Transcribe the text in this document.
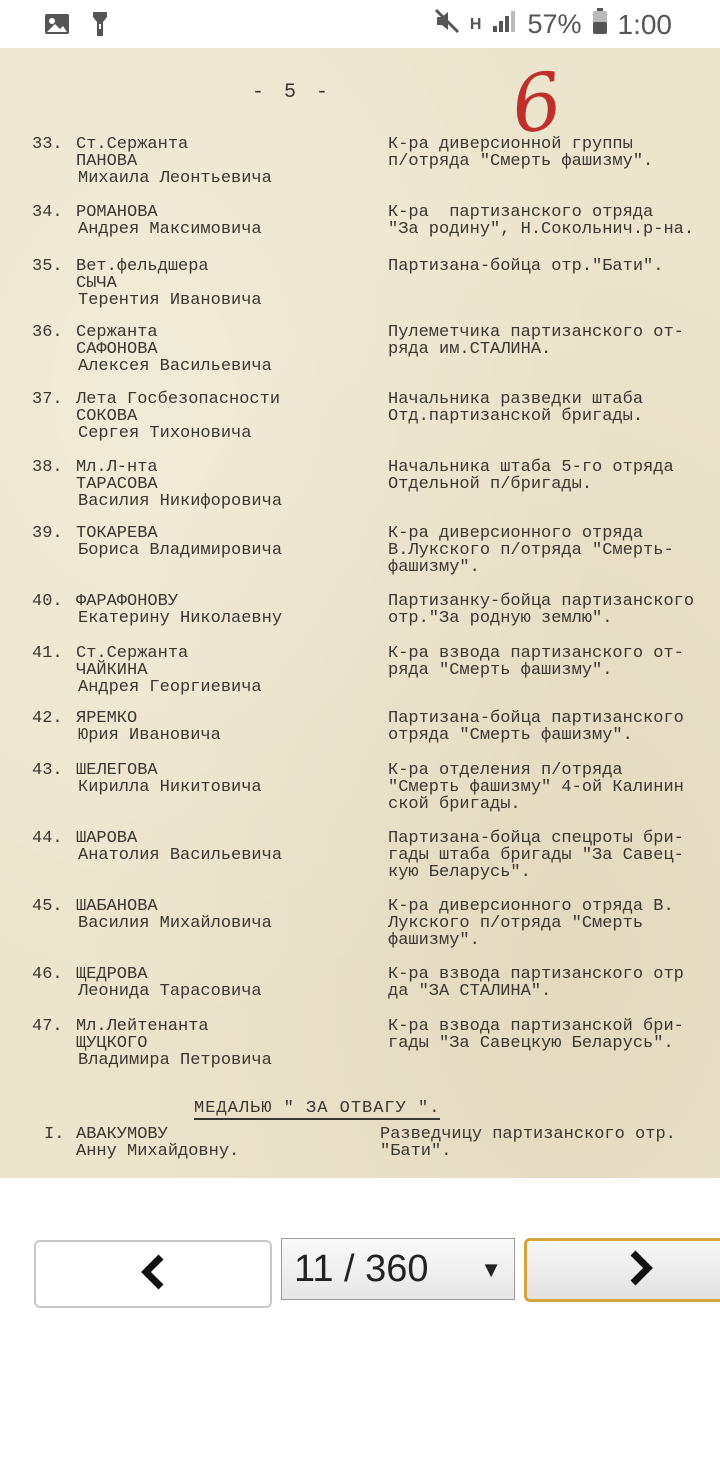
H 57% 1:00
- 5 - 6
33. Ст.Сержанта
ПАНОВА
Михаила Леонтьевича
К-ра диверсионной группы
п/отряда "Смерть фашизму".
34. РОМАНОВА
Андрея Максимовича
К-ра  партизанского отряда
"За родину", Н.Сокольнич.р-на.
35. Вет.фельдшера
СЫЧА
Терентия Ивановича
Партизана-бойца отр."Бати".
36. Сержанта
САФОНОВА
Алексея Васильевича
Пулеметчика партизанского от-
ряда им.СТАЛИНА.
37. Лета Госбезопасности
СОКОВА
Сергея Тихоновича
Начальника разведки штаба
Отд.партизанской бригады.
38. Мл.Л-нта
ТАРАСОВА
Василия Никифоровича
Начальника штаба 5-го отряда
Отдельной п/бригады.
39. ТОКАРЕВА
Бориса Владимировича
К-ра диверсионного отряда
В.Лукского п/отряда "Смерть-
фашизму".
40. ФАРАФОНОВУ
Екатерину Николаевну
Партизанку-бойца партизанского
отр."За родную землю".
41. Ст.Сержанта
ЧАЙКИНА
Андрея Георгиевича
К-ра взвода партизанского от-
ряда "Смерть фашизму".
42. ЯРЕМКО
Юрия Ивановича
Партизана-бойца партизанского
отряда "Смерть фашизму".
43. ШЕЛЕГОВА
Кирилла Никитовича
К-ра отделения п/отряда
"Смерть фашизму" 4-ой Калинин
ской бригады.
44. ШАРОВА
Анатолия Васильевича
Партизана-бойца спецроты бри-
гады штаба бригады "За Савец-
кую Беларусь".
45. ШАБАНОВА
Василия Михайловича
К-ра диверсионного отряда В.
Лукского п/отряда "Смерть
фашизму".
46. ЩЕДРОВА
Леонида Тарасовича
К-ра взвода партизанского отр
да "ЗА СТАЛИНА".
47. Мл.Лейтенанта
ЩУЦКОГО
Владимира Петровича
К-ра взвода партизанской бри-
гады "За Савецкую Беларусь".
МЕДАЛЬЮ " ЗА ОТВАГУ ".
I. АВАКУМОВУ
Анну Михайдовну.
Разведчицу партизанского отр.
"Бати".
11 / 360 ▼
